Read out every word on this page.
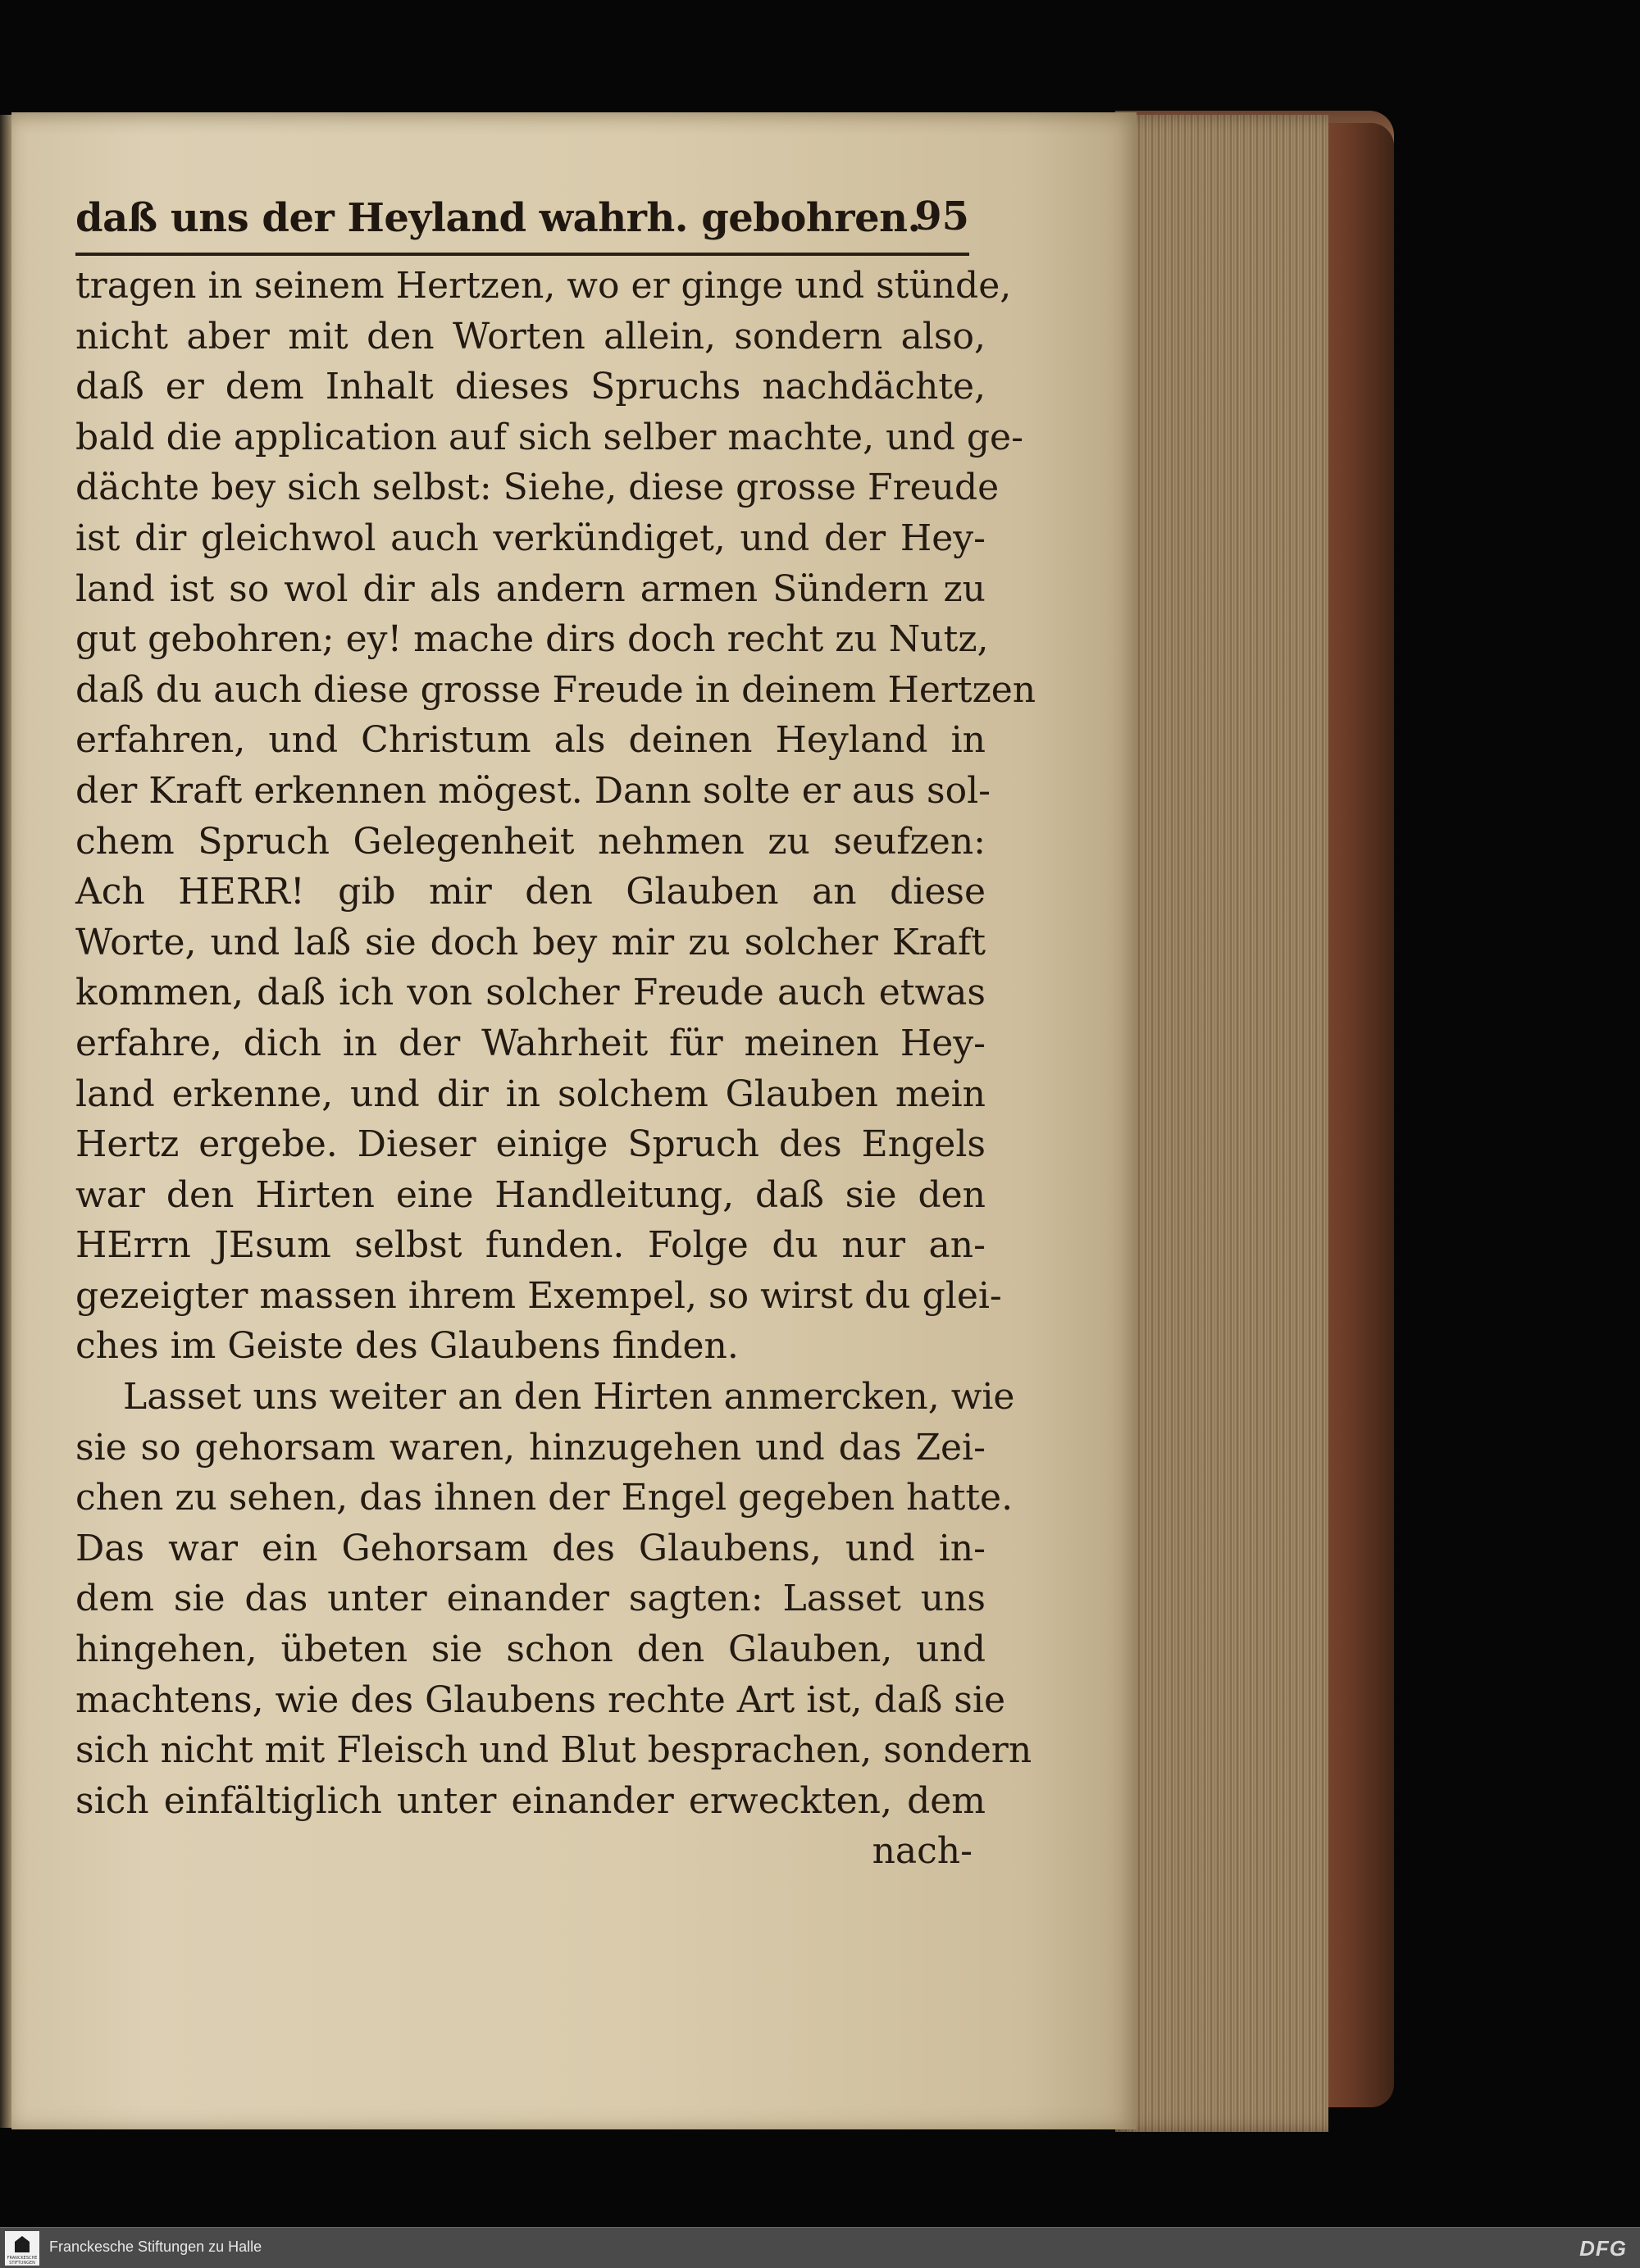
daß uns der Heyland wahrh. gebohren.
95
tragen in seinem Hertzen, wo er ginge und stünde,
nicht aber mit den Worten allein, sondern also,
daß er dem Inhalt dieses Spruchs nachdächte,
bald die application auf sich selber machte, und ge-
dächte bey sich selbst: Siehe, diese grosse Freude
ist dir gleichwol auch verkündiget, und der Hey-
land ist so wol dir als andern armen Sündern zu
gut gebohren; ey! mache dirs doch recht zu Nutz,
daß du auch diese grosse Freude in deinem Hertzen
erfahren, und Christum als deinen Heyland in
der Kraft erkennen mögest. Dann solte er aus sol-
chem Spruch Gelegenheit nehmen zu seufzen:
Ach HERR! gib mir den Glauben an diese
Worte, und laß sie doch bey mir zu solcher Kraft
kommen, daß ich von solcher Freude auch etwas
erfahre, dich in der Wahrheit für meinen Hey-
land erkenne, und dir in solchem Glauben mein
Hertz ergebe. Dieser einige Spruch des Engels
war den Hirten eine Handleitung, daß sie den
HErrn JEsum selbst funden. Folge du nur an-
gezeigter massen ihrem Exempel, so wirst du glei-
ches im Geiste des Glaubens finden.
Lasset uns weiter an den Hirten anmercken, wie
sie so gehorsam waren, hinzugehen und das Zei-
chen zu sehen, das ihnen der Engel gegeben hatte.
Das war ein Gehorsam des Glaubens, und in-
dem sie das unter einander sagten: Lasset uns
hingehen, übeten sie schon den Glauben, und
machtens, wie des Glaubens rechte Art ist, daß sie
sich nicht mit Fleisch und Blut besprachen, sondern
sich einfältiglich unter einander erweckten, dem
nach-
FRANCKESCHE STIFTUNGEN
Franckesche Stiftungen zu Halle	DFG
